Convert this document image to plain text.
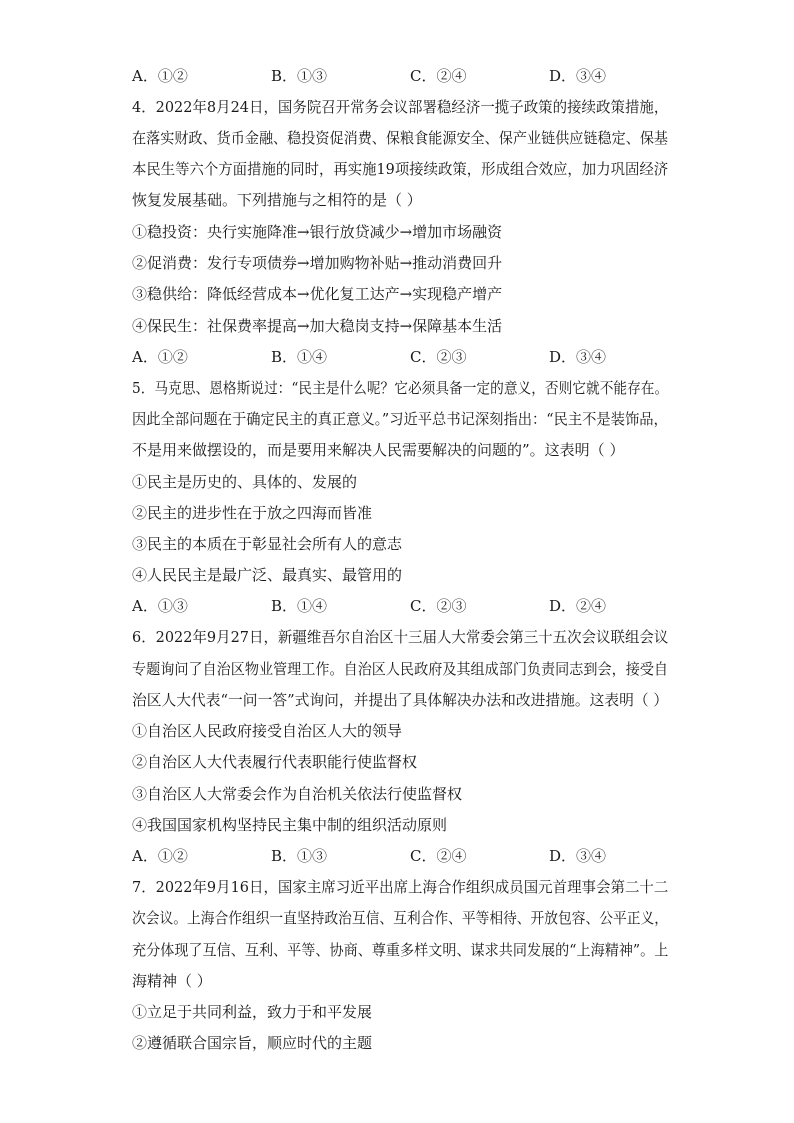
A．①②	B．①③	C．②④	D．③④
4．2022年8月24日，国务院召开常务会议部署稳经济一揽子政策的接续政策措施，
在落实财政、货币金融、稳投资促消费、保粮食能源安全、保产业链供应链稳定、保基
本民生等六个方面措施的同时，再实施19项接续政策，形成组合效应，加力巩固经济
恢复发展基础。下列措施与之相符的是（ ）
①稳投资：央行实施降准→银行放贷减少→增加市场融资
②促消费：发行专项债券→增加购物补贴→推动消费回升
③稳供给：降低经营成本→优化复工达产→实现稳产增产
④保民生：社保费率提高→加大稳岗支持→保障基本生活
A．①②	B．①④	C．②③	D．③④
5．马克思、恩格斯说过：“民主是什么呢？它必须具备一定的意义，否则它就不能存在。
因此全部问题在于确定民主的真正意义。”习近平总书记深刻指出：“民主不是装饰品，
不是用来做摆设的，而是要用来解决人民需要解决的问题的”。这表明（ ）
①民主是历史的、具体的、发展的
②民主的进步性在于放之四海而皆准
③民主的本质在于彰显社会所有人的意志
④人民民主是最广泛、最真实、最管用的
A．①③	B．①④	C．②③	D．②④
6．2022年9月27日，新疆维吾尔自治区十三届人大常委会第三十五次会议联组会议
专题询问了自治区物业管理工作。自治区人民政府及其组成部门负责同志到会，接受自
治区人大代表“一问一答”式询问，并提出了具体解决办法和改进措施。这表明（ ）
①自治区人民政府接受自治区人大的领导
②自治区人大代表履行代表职能行使监督权
③自治区人大常委会作为自治机关依法行使监督权
④我国国家机构坚持民主集中制的组织活动原则
A．①②	B．①③	C．②④	D．③④
7．2022年9月16日，国家主席习近平出席上海合作组织成员国元首理事会第二十二
次会议。上海合作组织一直坚持政治互信、互利合作、平等相待、开放包容、公平正义，
充分体现了互信、互利、平等、协商、尊重多样文明、谋求共同发展的“上海精神”。上
海精神（ ）
①立足于共同利益，致力于和平发展
②遵循联合国宗旨，顺应时代的主题
